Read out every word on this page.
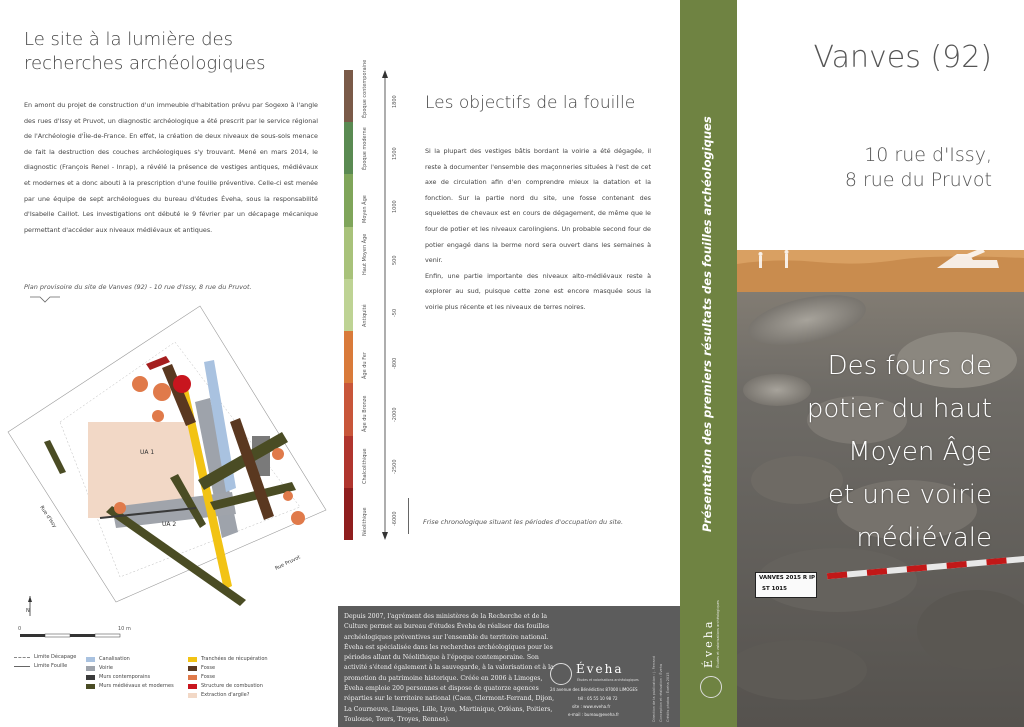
Le site à la lumière des
recherches archéologiques
En amont du projet de construction d'un immeuble d'habitation prévu par Sogexo à l'angle des rues d'Issy et Pruvot, un diagnostic archéologique a été prescrit par le service régional de l'Archéologie d'Île-de-France. En effet, la création de deux niveaux de sous-sols menace de fait la destruction des couches archéologiques s'y trouvant. Mené en mars 2014, le diagnostic (François Renel - Inrap), a révélé la présence de vestiges antiques, médiévaux et modernes et a donc abouti à la prescription d'une fouille préventive. Celle-ci est menée par une équipe de sept archéologues du bureau d'études Éveha, sous la responsabilité d'Isabelle Caillot. Les investigations ont débuté le 9 février par un décapage mécanique permettant d'accéder aux niveaux médiévaux et antiques.
Plan provisoire du site de Vanves (92) - 10 rue d'Issy, 8 rue du Pruvot.
UA 1
UA 2
Rue d'Issy
Rue Pruvot
N
0	10 m
Limite Décapage
Limite Fouille
Canalisation
Voirie
Murs contemporains
Murs médiévaux et modernes
Tranchées de récupération
Fosse
Fosse
Structure de combustion
Extraction d'argile?
Époque contemporaine
Époque moderne
Moyen Âge
Haut Moyen Âge
Antiquité
Âge du Fer
Âge du Bronze
Chalcolithique
Néolithique
1800
1500
1000
500
-50
-800
-2000
-2500
-6000
Les objectifs de la fouille
Si la plupart des vestiges bâtis bordant la voirie a été dégagée, il reste à documenter l'ensemble des maçonneries situées à l'est de cet axe de circulation afin d'en comprendre mieux la datation et la fonction. Sur la partie nord du site, une fosse contenant des squelettes de chevaux est en cours de dégagement, de même que le four de potier et les niveaux carolingiens. Un probable second four de potier engagé dans la berme nord sera ouvert dans les semaines à venir.
Enfin, une partie importante des niveaux alto-médiévaux reste à explorer au sud, puisque cette zone est encore masquée sous la voirie plus récente et les niveaux de terres noires.
Frise chronologique situant les périodes d'occupation du site.
Depuis 2007, l'agrément des ministères de la Recherche et de la Culture permet au bureau d'études Éveha de réaliser des fouilles archéologiques préventives sur l'ensemble du territoire national. Éveha est spécialisée dans les recherches archéologiques pour les périodes allant du Néolithique à l'époque contemporaine. Son activité s'étend également à la sauvegarde, à la valorisation et à la promotion du patrimoine historique. Créée en 2006 à Limoges, Éveha emploie 200 personnes et dispose de quatorze agences réparties sur le territoire national (Caen, Clermont-Ferrand, Dijon, La Courneuve, Limoges, Lille, Lyon, Martinique, Orléans, Poitiers, Toulouse, Tours, Troyes, Rennes).
Éveha
Études et valorisations archéologiques
24 avenue des Bénédictins 87000 LIMOGES
tél : 05 55 10 98 72
site : www.eveha.fr
e-mail : bureau@eveha.fr	Direction de la publication : J. Ferrand Conception et réalisation : Éveha Crédits photos : Éveha 2015
Présentation des premiers résultats des fouilles archéologiques
Éveha Études et valorisations archéologiques
Vanves (92)
10 rue d'Issy,
8 rue du Pruvot
Des fours de
potier du haut
Moyen Âge
et une voirie
médiévale
VANVES 2015 R IP
ST 1015
